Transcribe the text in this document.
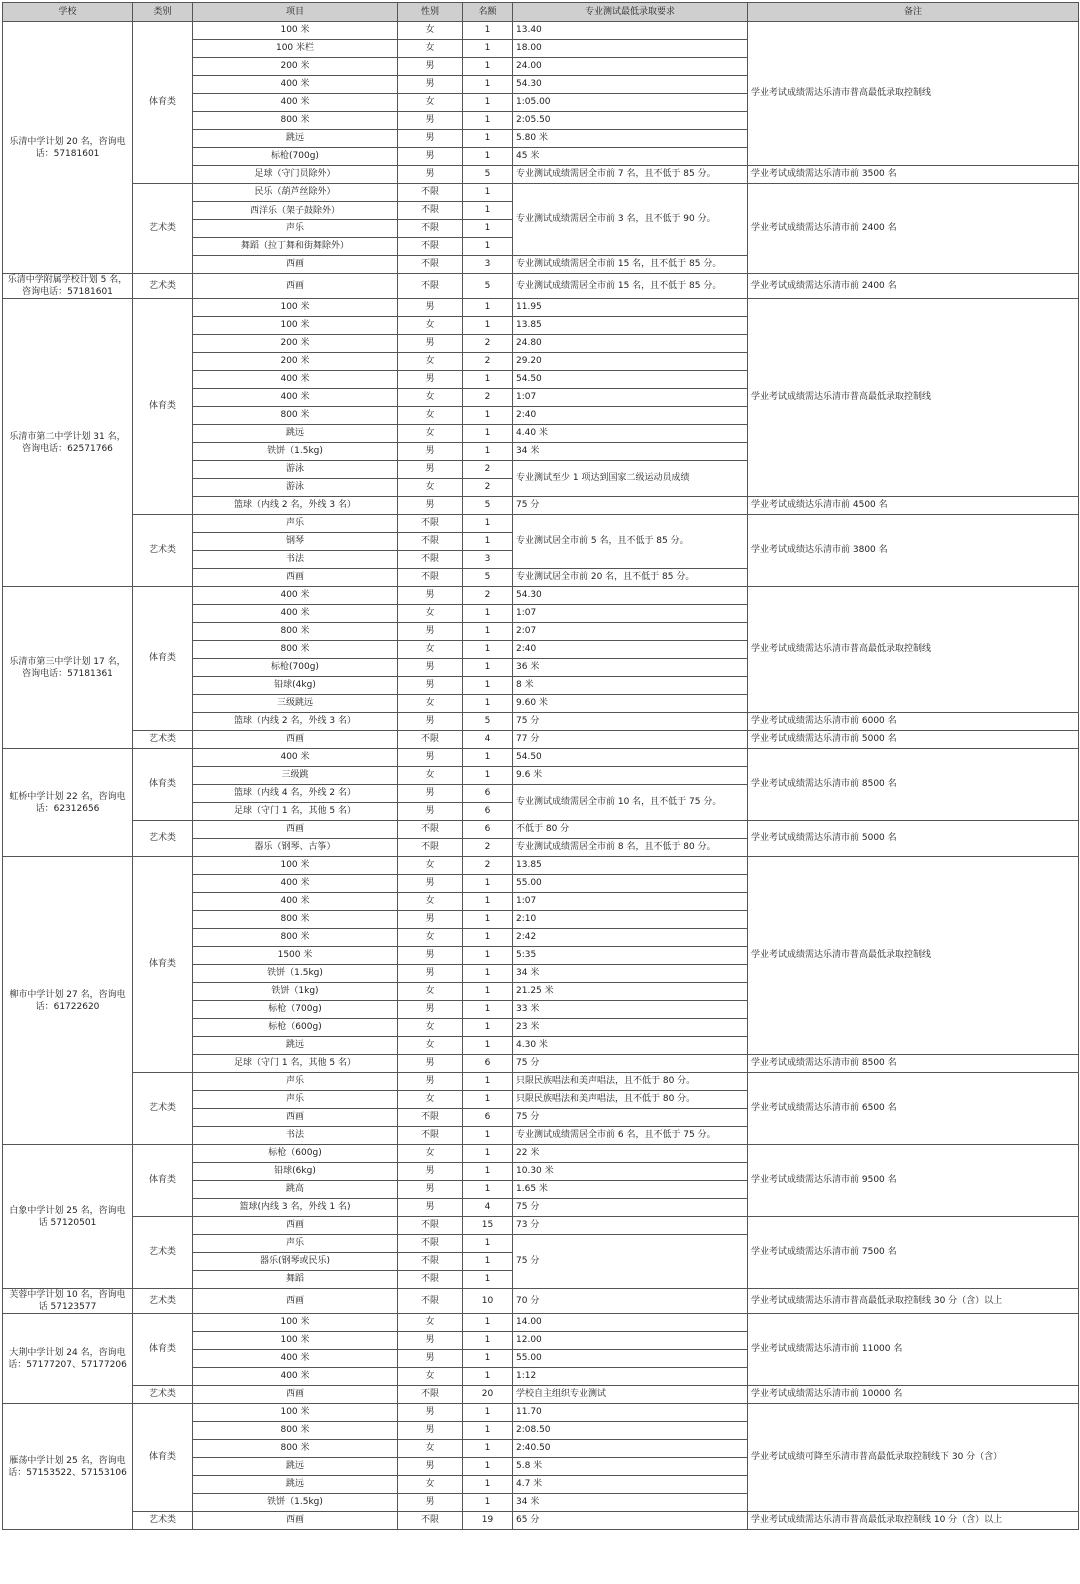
学校	类别	项目	性别	名额	专业测试最低录取要求	备注
乐清中学计划 20 名，咨询电话：57181601	体育类	100 米	女	1	13.40	学业考试成绩需达乐清市普高最低录取控制线
		100 米栏	女	1	18.00	
		200 米	男	1	24.00	
		400 米	男	1	54.30	
		400 米	女	1	1:05.00	
		800 米	男	1	2:05.50	
		跳远	男	1	5.80 米	
		标枪(700g)	男	1	45 米	
		足球（守门员除外）	男	5	专业测试成绩需居全市前 7 名，且不低于 85 分。	学业考试成绩需达乐清市前 3500 名
	艺术类	民乐（葫芦丝除外）	不限	1	专业测试成绩需居全市前 3 名，且不低于 90 分。	学业考试成绩需达乐清市前 2400 名
		西洋乐（架子鼓除外）	不限	1		
		声乐	不限	1		
		舞蹈（拉丁舞和街舞除外）	不限	1		
		西画	不限	3	专业测试成绩需居全市前 15 名，且不低于 85 分。	
乐清中学附属学校计划 5 名，咨询电话：57181601	艺术类	西画	不限	5	专业测试成绩需居全市前 15 名，且不低于 85 分。	学业考试成绩需达乐清市前 2400 名
乐清市第二中学计划 31 名，咨询电话：62571766	体育类	100 米	男	1	11.95	学业考试成绩需达乐清市普高最低录取控制线
		100 米	女	1	13.85	
		200 米	男	2	24.80	
		200 米	女	2	29.20	
		400 米	男	1	54.50	
		400 米	女	2	1:07	
		800 米	女	1	2:40	
		跳远	女	1	4.40 米	
		铁饼（1.5kg)	男	1	34 米	
		游泳	男	2	专业测试至少 1 项达到国家二级运动员成绩	
		游泳	女	2		
		篮球（内线 2 名，外线 3 名）	男	5	75 分	学业考试成绩达乐清市前 4500 名
	艺术类	声乐	不限	1	专业测试居全市前 5 名，且不低于 85 分。	学业考试成绩达乐清市前 3800 名
		钢琴	不限	1		
		书法	不限	3		
		西画	不限	5	专业测试居全市前 20 名，且不低于 85 分。	
乐清市第三中学计划 17 名，咨询电话：57181361	体育类	400 米	男	2	54.30	学业考试成绩需达乐清市普高最低录取控制线
		400 米	女	1	1:07	
		800 米	男	1	2:07	
		800 米	女	1	2:40	
		标枪(700g)	男	1	36 米	
		铅球(4kg)	男	1	8 米	
		三级跳远	女	1	9.60 米	
		篮球（内线 2 名，外线 3 名）	男	5	75 分	学业考试成绩需达乐清市前 6000 名
	艺术类	西画	不限	4	77 分	学业考试成绩需达乐清市前 5000 名
虹桥中学计划 22 名，咨询电话：62312656	体育类	400 米	男	1	54.50	学业考试成绩需达乐清市前 8500 名
		三级跳	女	1	9.6 米	
		篮球（内线 4 名，外线 2 名）	男	6	专业测试成绩需居全市前 10 名，且不低于 75 分。	
		足球（守门 1 名，其他 5 名）	男	6		
	艺术类	西画	不限	6	不低于 80 分	学业考试成绩需达乐清市前 5000 名
		器乐（钢琴、古筝）	不限	2	专业测试成绩需居全市前 8 名，且不低于 80 分。	
柳市中学计划 27 名，咨询电话：61722620	体育类	100 米	女	2	13.85	学业考试成绩需达乐清市普高最低录取控制线
		400 米	男	1	55.00	
		400 米	女	1	1:07	
		800 米	男	1	2:10	
		800 米	女	1	2:42	
		1500 米	男	1	5:35	
		铁饼（1.5kg)	男	1	34 米	
		铁饼（1kg)	女	1	21.25 米	
		标枪（700g)	男	1	33 米	
		标枪（600g)	女	1	23 米	
		跳远	女	1	4.30 米	
		足球（守门 1 名，其他 5 名）	男	6	75 分	学业考试成绩需达乐清市前 8500 名
	艺术类	声乐	男	1	只限民族唱法和美声唱法，且不低于 80 分。	学业考试成绩需达乐清市前 6500 名
		声乐	女	1	只限民族唱法和美声唱法，且不低于 80 分。	
		西画	不限	6	75 分	
		书法	不限	1	专业测试成绩需居全市前 6 名，且不低于 75 分。	
白象中学计划 25 名，咨询电话 57120501	体育类	标枪（600g)	女	1	22 米	学业考试成绩需达乐清市前 9500 名
		铅球(6kg)	男	1	10.30 米	
		跳高	男	1	1.65 米	
		篮球(内线 3 名，外线 1 名)	男	4	75 分	
	艺术类	西画	不限	15	73 分	学业考试成绩需达乐清市前 7500 名
		声乐	不限	1	75 分	
		器乐(钢琴或民乐)	不限	1		
		舞蹈	不限	1		
芙蓉中学计划 10 名，咨询电话 57123577	艺术类	西画	不限	10	70 分	学业考试成绩需达乐清市普高最低录取控制线 30 分（含）以上
大荆中学计划 24 名，咨询电话：57177207、57177206	体育类	100 米	女	1	14.00	学业考试成绩需达乐清市前 11000 名
		100 米	男	1	12.00	
		400 米	男	1	55.00	
		400 米	女	1	1:12	
	艺术类	西画	不限	20	学校自主组织专业测试	学业考试成绩需达乐清市前 10000 名
雁荡中学计划 25 名，咨询电话：57153522、57153106	体育类	100 米	男	1	11.70	学业考试成绩可降至乐清市普高最低录取控制线下 30 分（含）
		800 米	男	1	2:08.50	
		800 米	女	1	2:40.50	
		跳远	男	1	5.8 米	
		跳远	女	1	4.7 米	
		铁饼（1.5kg)	男	1	34 米	
	艺术类	西画	不限	19	65 分	学业考试成绩需达乐清市普高最低录取控制线 10 分（含）以上
